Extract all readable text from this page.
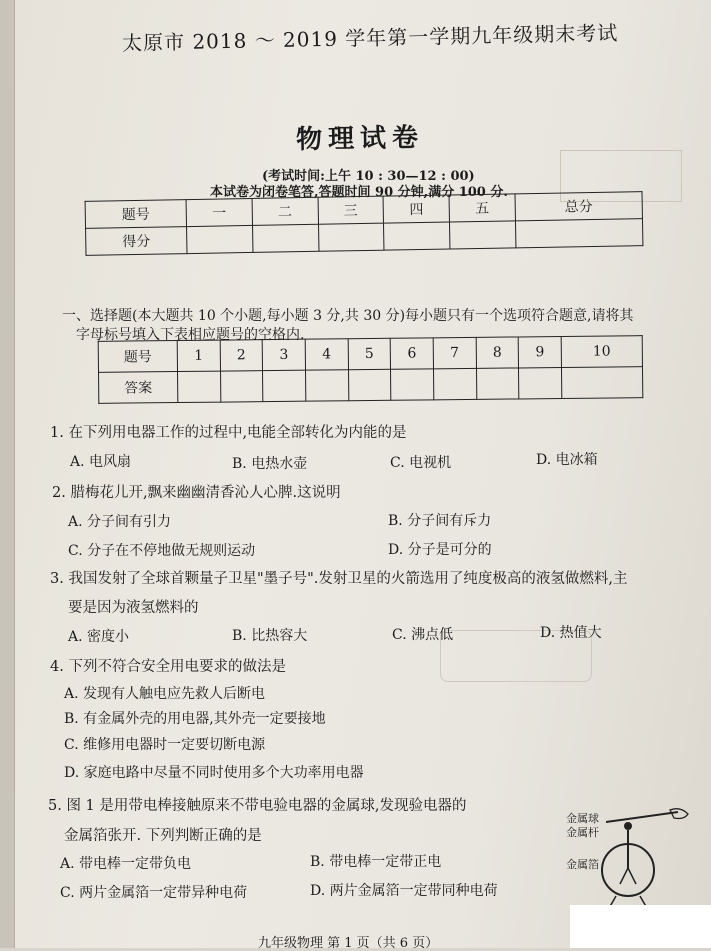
太原市 2018 ～ 2019 学年第一学期九年级期末考试
物理试卷
(考试时间:上午 10 : 30—12 : 00)
本试卷为闭卷笔答,答题时间 90 分钟,满分 100 分.
题号	一	二	三	四	五	总分
得分						
一、选择题(本大题共 10 个小题,每小题 3 分,共 30 分)每小题只有一个选项符合题意,请将其
字母标号填入下表相应题号的空格内.
题号	1	2	3	4	5	6	7	8	9	10
答案										
1. 在下列用电器工作的过程中,电能全部转化为内能的是
A. 电风扇	B. 电热水壶	C. 电视机	D. 电冰箱
2. 腊梅花儿开,飘来幽幽清香沁人心脾.这说明
A. 分子间有引力	B. 分子间有斥力
C. 分子在不停地做无规则运动	D. 分子是可分的
3. 我国发射了全球首颗量子卫星"墨子号".发射卫星的火箭选用了纯度极高的液氢做燃料,主
要是因为液氢燃料的
A. 密度小	B. 比热容大	C. 沸点低	D. 热值大
4. 下列不符合安全用电要求的做法是
A. 发现有人触电应先救人后断电
B. 有金属外壳的用电器,其外壳一定要接地
C. 维修用电器时一定要切断电源
D. 家庭电路中尽量不同时使用多个大功率用电器
5. 图 1 是用带电棒接触原来不带电验电器的金属球,发现验电器的
金属箔张开. 下列判断正确的是
A. 带电棒一定带负电	B. 带电棒一定带正电
C. 两片金属箔一定带异种电荷	D. 两片金属箔一定带同种电荷
金属球
金属杆
金属箔
九年级物理 第 1 页（共 6 页）
